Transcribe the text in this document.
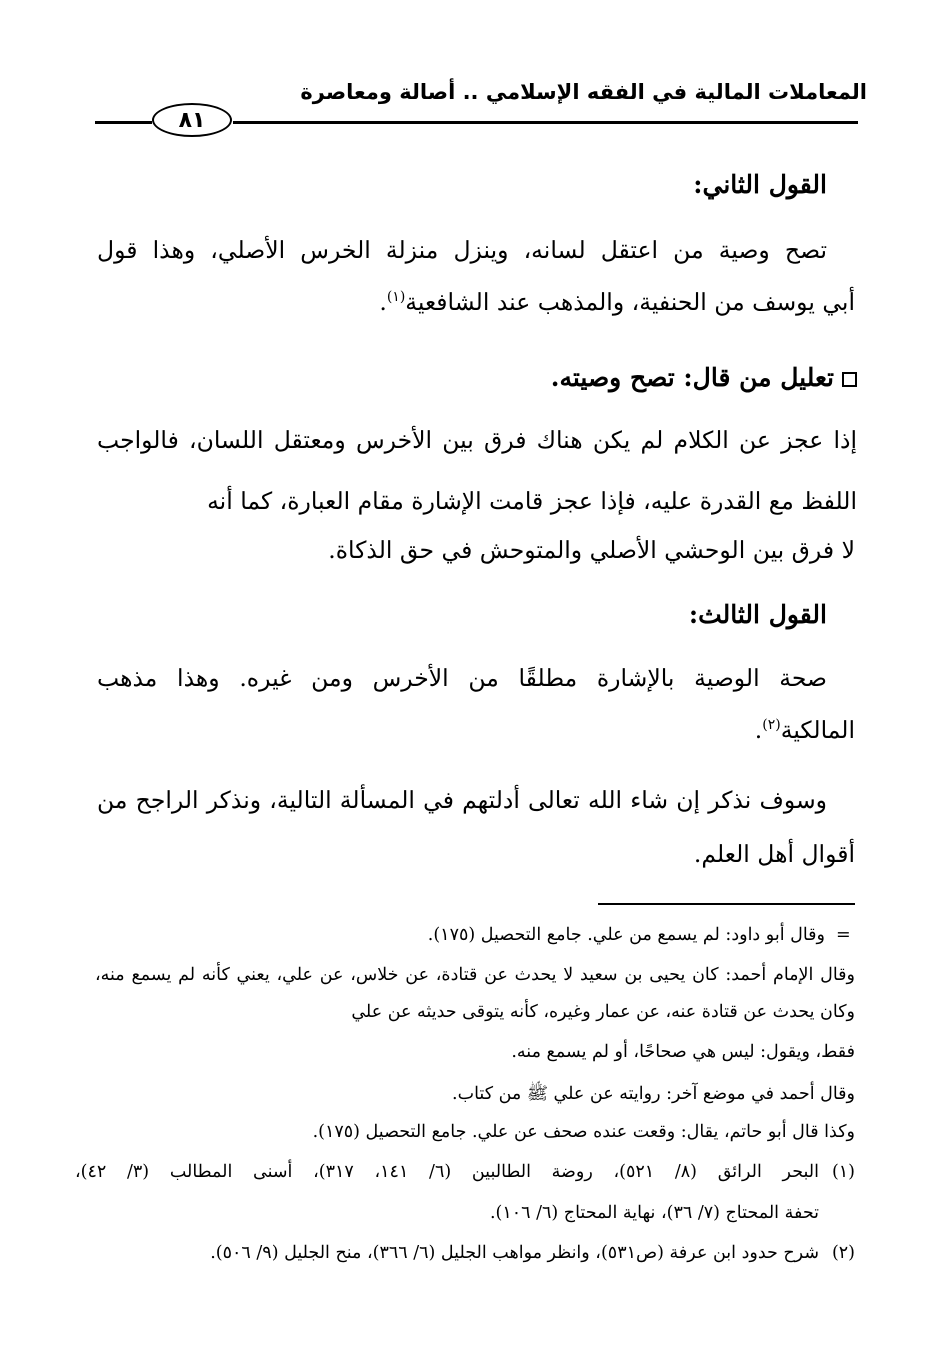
المعاملات المالية في الفقه الإسلامي .. أصالة ومعاصرة
٨١
القول الثاني:
تصح وصية من اعتقل لسانه، وينزل منزلة الخرس الأصلي، وهذا قول
أبي يوسف من الحنفية، والمذهب عند الشافعية$^{(١)}$.
تعليل من قال: تصح وصيته.
إذا عجز عن الكلام لم يكن هناك فرق بين الأخرس ومعتقل اللسان، فالواجب اللفظ مع القدرة عليه، فإذا عجز قامت الإشارة مقام العبارة، كما أنه
لا فرق بين الوحشي الأصلي والمتوحش في حق الذكاة.
القول الثالث:
صحة الوصية بالإشارة مطلقًا من الأخرس ومن غيره. وهذا مذهب
المالكية$^{(٢)}$.
وسوف نذكر إن شاء الله تعالى أدلتهم في المسألة التالية، ونذكر الراجح من
أقوال أهل العلم.
وقال أبو داود: لم يسمع من علي. جامع التحصيل (١٧٥). =
وقال الإمام أحمد: كان يحيى بن سعيد لا يحدث عن قتادة، عن خلاس، عن علي، يعني كأنه لم يسمع منه، وكان يحدث عن قتادة عنه، عن عمار وغيره، كأنه يتوقى حديثه عن علي
فقط، ويقول: ليس هي صحاحًا، أو لم يسمع منه.
وقال أحمد في موضع آخر: روايته عن علي ﷺ من كتاب.
وكذا قال أبو حاتم، يقال: وقعت عنده صحف عن علي. جامع التحصيل (١٧٥).
(١)
البحر الرائق (٨/ ٥٢١)، روضة الطالبين (٦/ ١٤١، ٣١٧)، أسنى المطالب (٣/ ٤٢)،
تحفة المحتاج (٧/ ٣٦)، نهاية المحتاج (٦/ ١٠٦).
(٢)
شرح حدود ابن عرفة (ص٥٣١)، وانظر مواهب الجليل (٦/ ٣٦٦)، منح الجليل (٩/ ٥٠٦).
